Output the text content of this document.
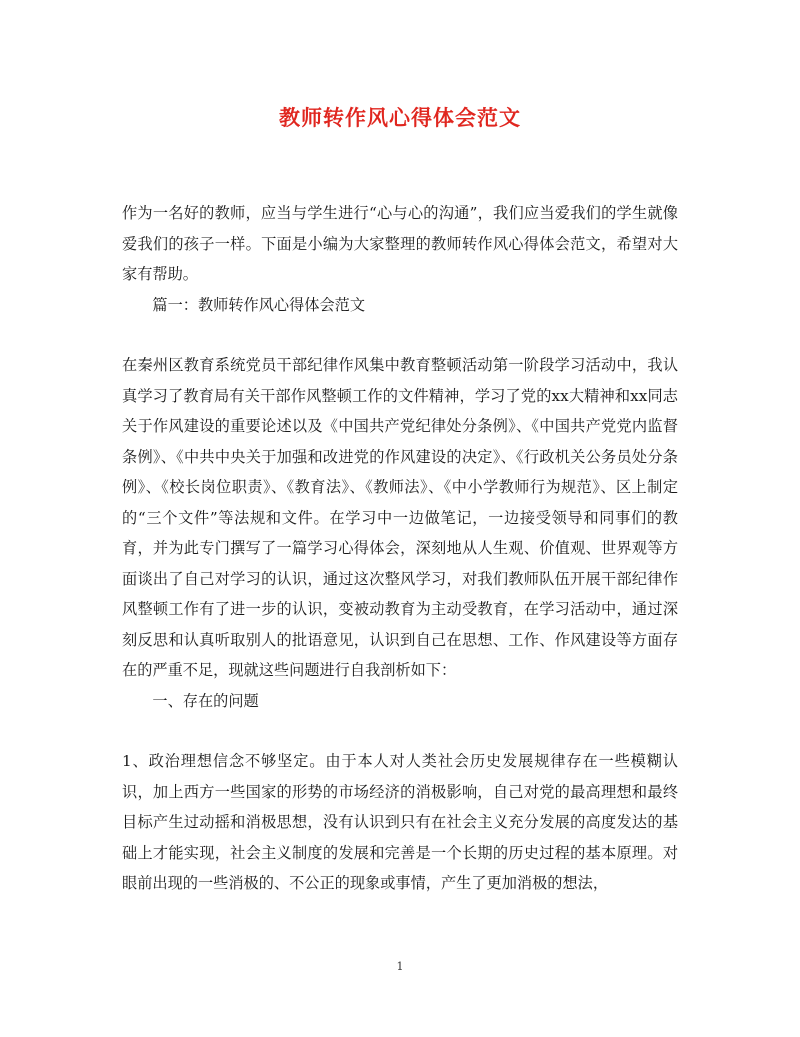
教师转作风心得体会范文

作为一名好的教师，应当与学生进行“心与心的沟通”，我们应当爱我们的学生就像爱我们的孩子一样。下面是小编为大家整理的教师转作风心得体会范文，希望对大家有帮助。

篇一：教师转作风心得体会范文

在秦州区教育系统党员干部纪律作风集中教育整顿活动第一阶段学习活动中，我认真学习了教育局有关干部作风整顿工作的文件精神，学习了党的xx大精神和xx同志关于作风建设的重要论述以及《中国共产党纪律处分条例》、《中国共产党党内监督条例》、《中共中央关于加强和改进党的作风建设的决定》、《行政机关公务员处分条例》、《校长岗位职责》、《教育法》、《教师法》、《中小学教师行为规范》、区上制定的“三个文件”等法规和文件。在学习中一边做笔记，一边接受领导和同事们的教育，并为此专门撰写了一篇学习心得体会，深刻地从人生观、价值观、世界观等方面谈出了自己对学习的认识，通过这次整风学习，对我们教师队伍开展干部纪律作风整顿工作有了进一步的认识，变被动教育为主动受教育，在学习活动中，通过深刻反思和认真听取别人的批语意见，认识到自己在思想、工作、作风建设等方面存在的严重不足，现就这些问题进行自我剖析如下：

一、存在的问题

1、政治理想信念不够坚定。由于本人对人类社会历史发展规律存在一些模糊认识，加上西方一些国家的形势的市场经济的消极影响，自己对党的最高理想和最终目标产生过动摇和消极思想，没有认识到只有在社会主义充分发展的高度发达的基础上才能实现，社会主义制度的发展和完善是一个长期的历史过程的基本原理。对眼前出现的一些消极的、不公正的现象或事情，产生了更加消极的想法，

1
